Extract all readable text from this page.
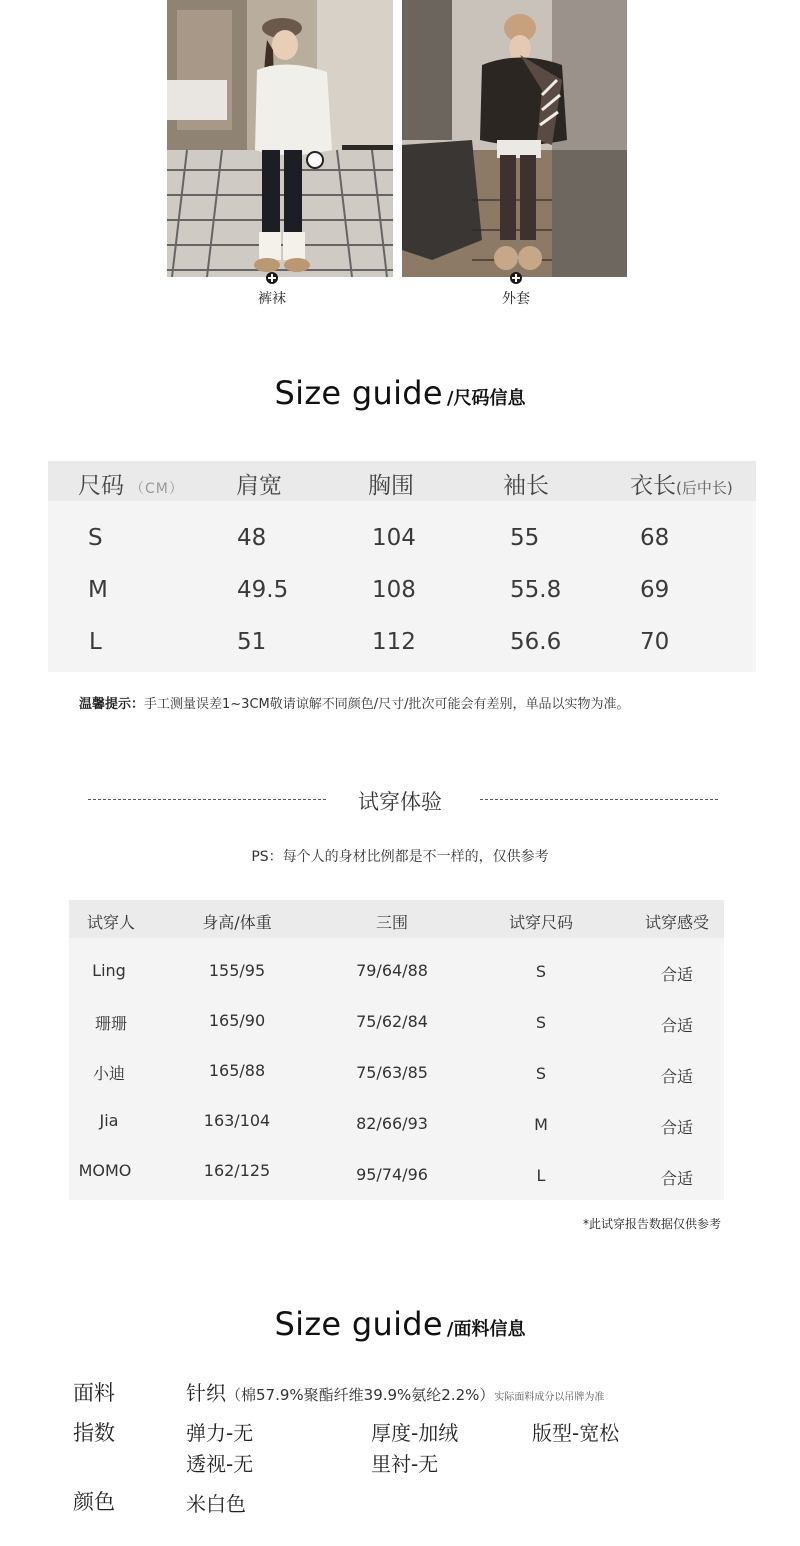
裤袜	外套
Size guide /尺码信息
尺码 （CM） 肩宽	胸围	袖长	衣长(后中长)
S	48	104	55	68
M	49.5	108	55.8	69
L	51	112	56.6	70
温馨提示：手工测量误差1~3CM敬请谅解不同颜色/尺寸/批次可能会有差别，单品以实物为准。
试穿体验
PS：每个人的身材比例都是不一样的，仅供参考
试穿人	身高/体重	三围	试穿尺码	试穿感受
Ling	155/95	79/64/88	S	合适
珊珊	165/90	75/62/84	S	合适
小迪	165/88	75/63/85	S	合适
Jia	163/104	82/66/93	M	合适
MOMO	162/125	95/74/96	L	合适
*此试穿报告数据仅供参考
Size guide /面料信息
面料	针织（棉57.9%聚酯纤维39.9%氨纶2.2%）实际面料成分以吊牌为准
指数	弹力-无	厚度-加绒	版型-宽松
透视-无	里衬-无
颜色	米白色
